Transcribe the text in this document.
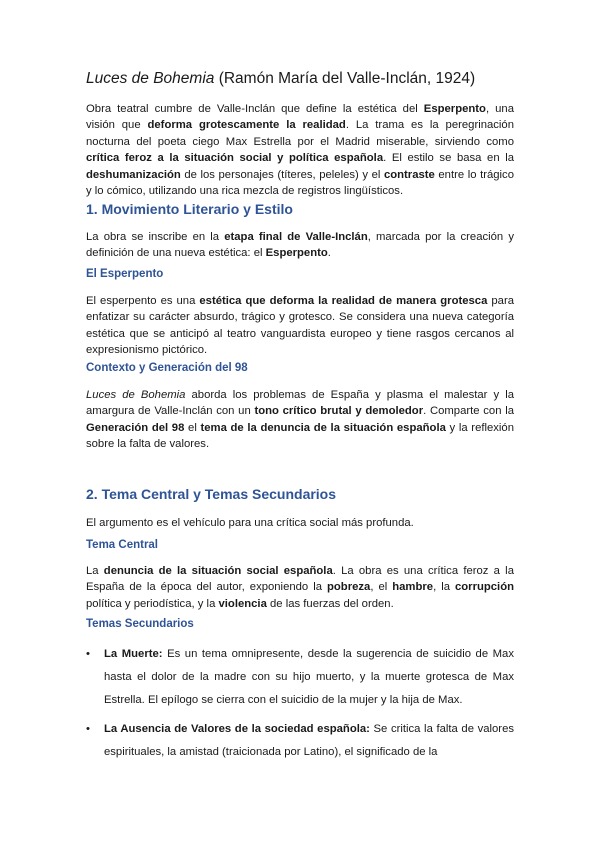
Luces de Bohemia (Ramón María del Valle-Inclán, 1924)
Obra teatral cumbre de Valle-Inclán que define la estética del Esperpento, una visión que deforma grotescamente la realidad. La trama es la peregrinación nocturna del poeta ciego Max Estrella por el Madrid miserable, sirviendo como crítica feroz a la situación social y política española. El estilo se basa en la deshumanización de los personajes (títeres, peleles) y el contraste entre lo trágico y lo cómico, utilizando una rica mezcla de registros lingüísticos.
1. Movimiento Literario y Estilo
La obra se inscribe en la etapa final de Valle-Inclán, marcada por la creación y definición de una nueva estética: el Esperpento.
El Esperpento
El esperpento es una estética que deforma la realidad de manera grotesca para enfatizar su carácter absurdo, trágico y grotesco. Se considera una nueva categoría estética que se anticipó al teatro vanguardista europeo y tiene rasgos cercanos al expresionismo pictórico.
Contexto y Generación del 98
Luces de Bohemia aborda los problemas de España y plasma el malestar y la amargura de Valle-Inclán con un tono crítico brutal y demoledor. Comparte con la Generación del 98 el tema de la denuncia de la situación española y la reflexión sobre la falta de valores.
2. Tema Central y Temas Secundarios
El argumento es el vehículo para una crítica social más profunda.
Tema Central
La denuncia de la situación social española. La obra es una crítica feroz a la España de la época del autor, exponiendo la pobreza, el hambre, la corrupción política y periodística, y la violencia de las fuerzas del orden.
Temas Secundarios
• La Muerte: Es un tema omnipresente, desde la sugerencia de suicidio de Max hasta el dolor de la madre con su hijo muerto, y la muerte grotesca de Max Estrella. El epílogo se cierra con el suicidio de la mujer y la hija de Max.
• La Ausencia de Valores de la sociedad española: Se critica la falta de valores espirituales, la amistad (traicionada por Latino), el significado de la
